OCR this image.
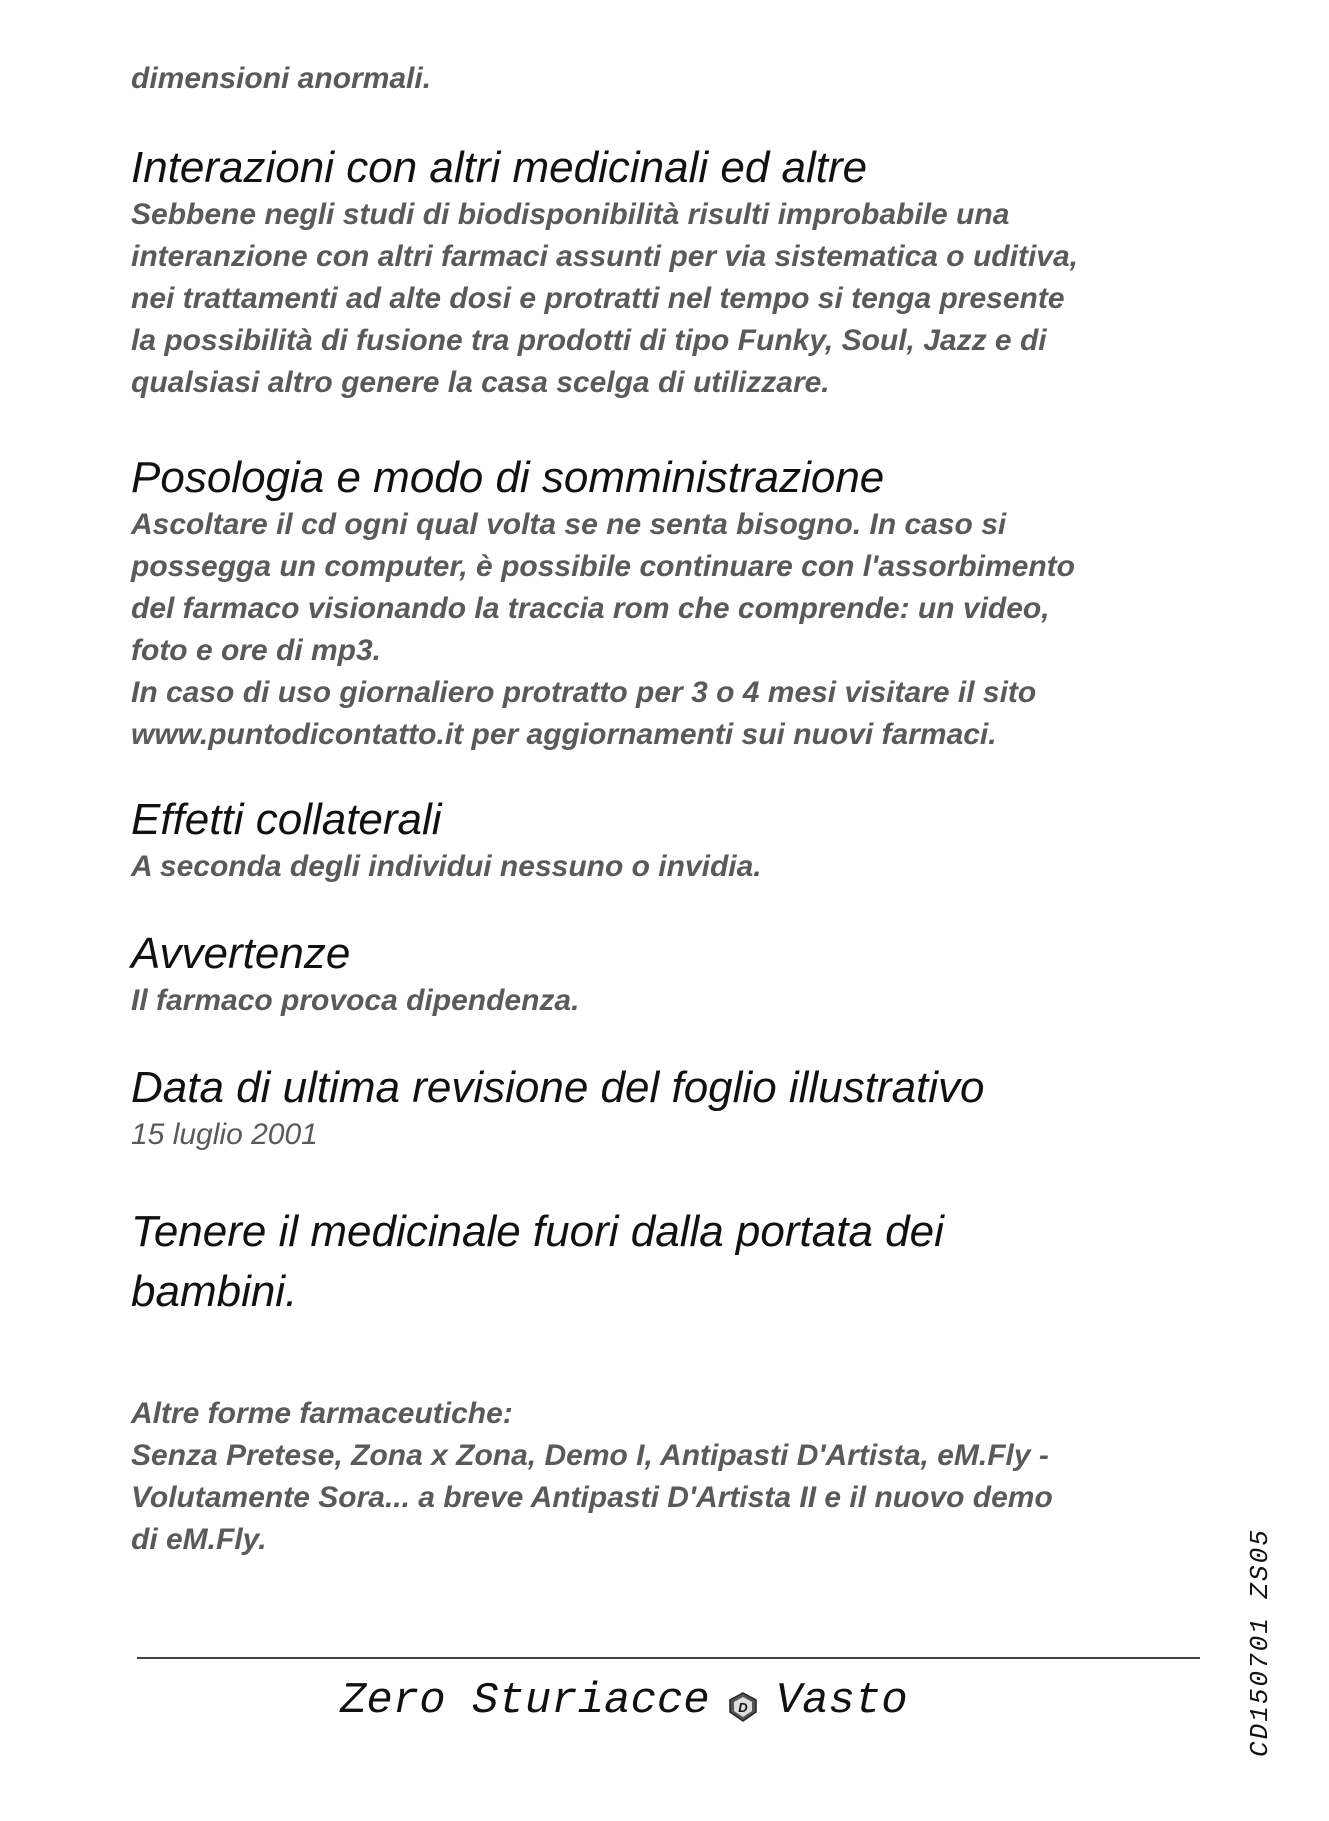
dimensioni anormali.

Interazioni con altri medicinali ed altre

Sebbene negli studi di biodisponibilità risulti improbabile una
interanzione con altri farmaci assunti per via sistematica o uditiva,
nei trattamenti ad alte dosi e protratti nel tempo si tenga presente
la possibilità di fusione tra prodotti di tipo Funky, Soul, Jazz e di
qualsiasi altro genere la casa scelga di utilizzare.

Posologia e modo di somministrazione

Ascoltare il cd ogni qual volta se ne senta bisogno. In caso si
possegga un computer, è possibile continuare con l'assorbimento
del farmaco visionando la traccia rom che comprende: un video,
foto e ore di mp3.
In caso di uso giornaliero protratto per 3 o 4 mesi visitare il sito
www.puntodicontatto.it per aggiornamenti sui nuovi farmaci.

Effetti collaterali

A seconda degli individui nessuno o invidia.

Avvertenze

Il farmaco provoca dipendenza.

Data di ultima revisione del foglio illustrativo

15 luglio 2001

Tenere il medicinale fuori dalla portata dei
bambini.

Altre forme farmaceutiche:

Senza Pretese, Zona x Zona, Demo I, Antipasti D'Artista, eM.Fly -
Volutamente Sora... a breve Antipasti D'Artista II e il nuovo demo
di eM.Fly.

Zero Sturiacce D Vasto	CD150701 ZS05
